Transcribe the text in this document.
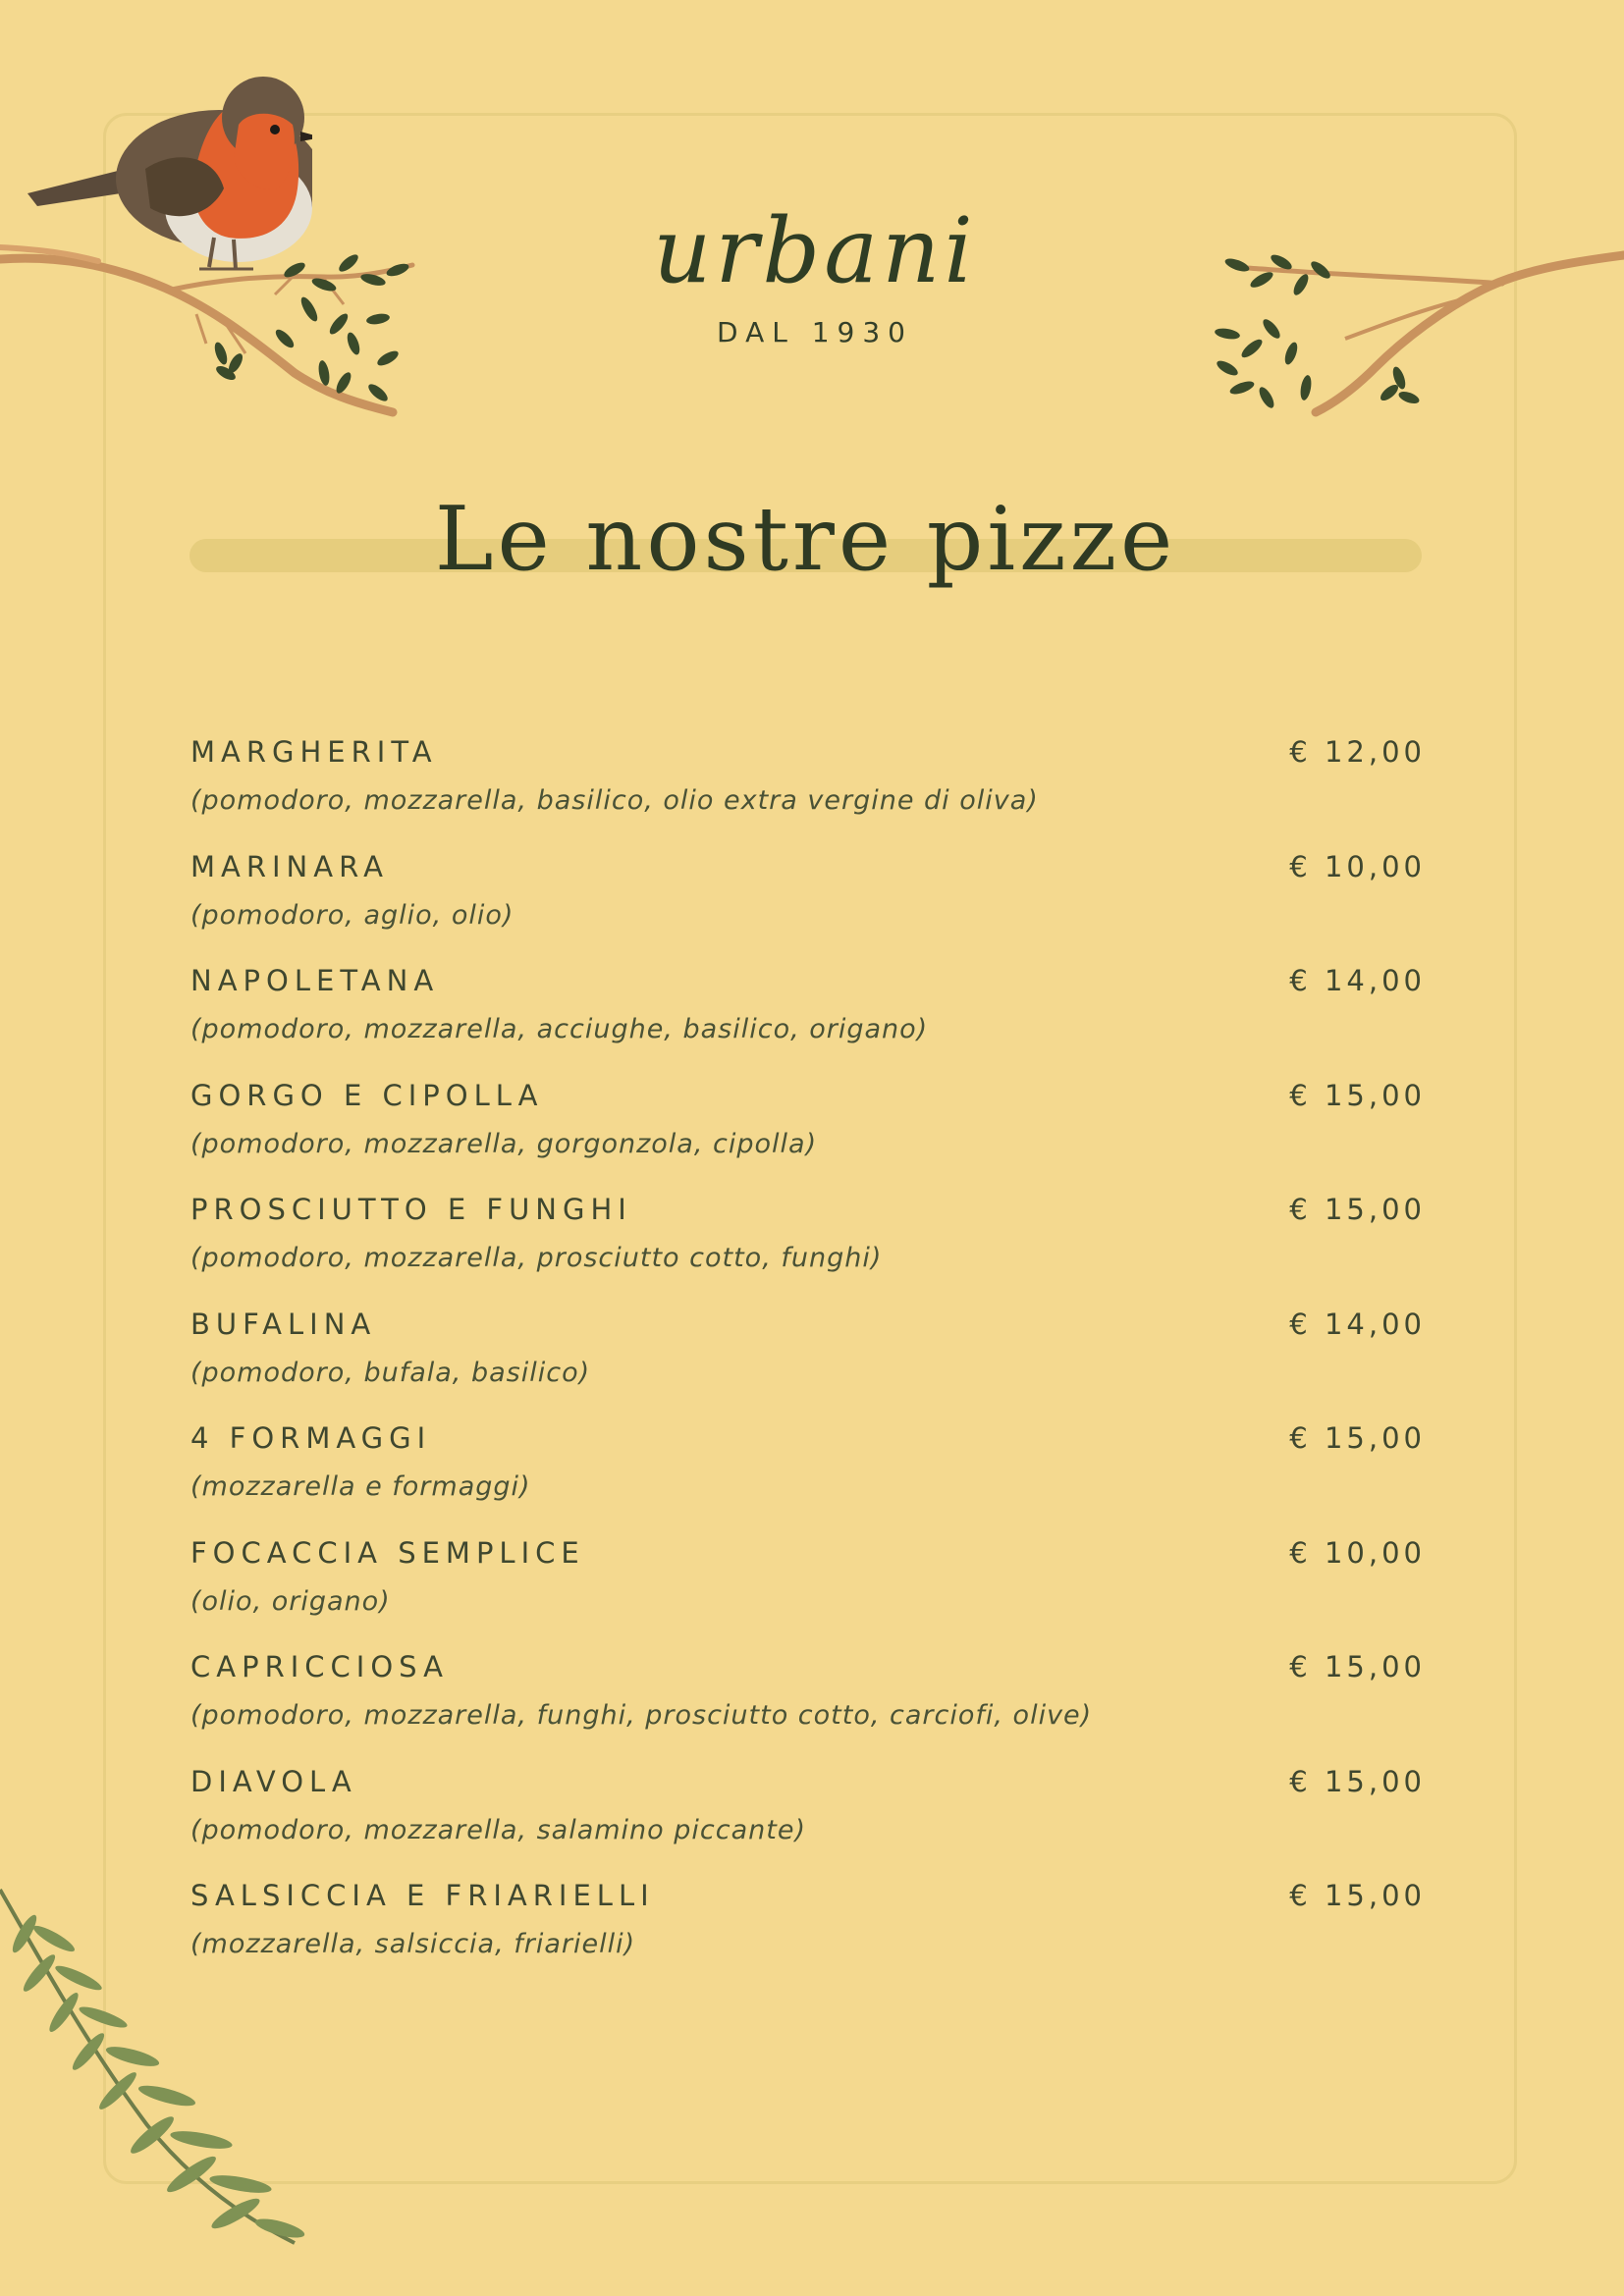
urbani
DAL 1930
Le nostre pizze
MARGHERITA	€ 12,00
(pomodoro, mozzarella, basilico, olio extra vergine di oliva)
MARINARA	€ 10,00
(pomodoro, aglio, olio)
NAPOLETANA	€ 14,00
(pomodoro, mozzarella, acciughe, basilico, origano)
GORGO E CIPOLLA	€ 15,00
(pomodoro, mozzarella, gorgonzola, cipolla)
PROSCIUTTO E FUNGHI	€ 15,00
(pomodoro, mozzarella, prosciutto cotto, funghi)
BUFALINA	€ 14,00
(pomodoro, bufala, basilico)
4 FORMAGGI	€ 15,00
(mozzarella e formaggi)
FOCACCIA SEMPLICE	€ 10,00
(olio, origano)
CAPRICCIOSA	€ 15,00
(pomodoro, mozzarella, funghi, prosciutto cotto, carciofi, olive)
DIAVOLA	€ 15,00
(pomodoro, mozzarella, salamino piccante)
SALSICCIA E FRIARIELLI	€ 15,00
(mozzarella, salsiccia, friarielli)
